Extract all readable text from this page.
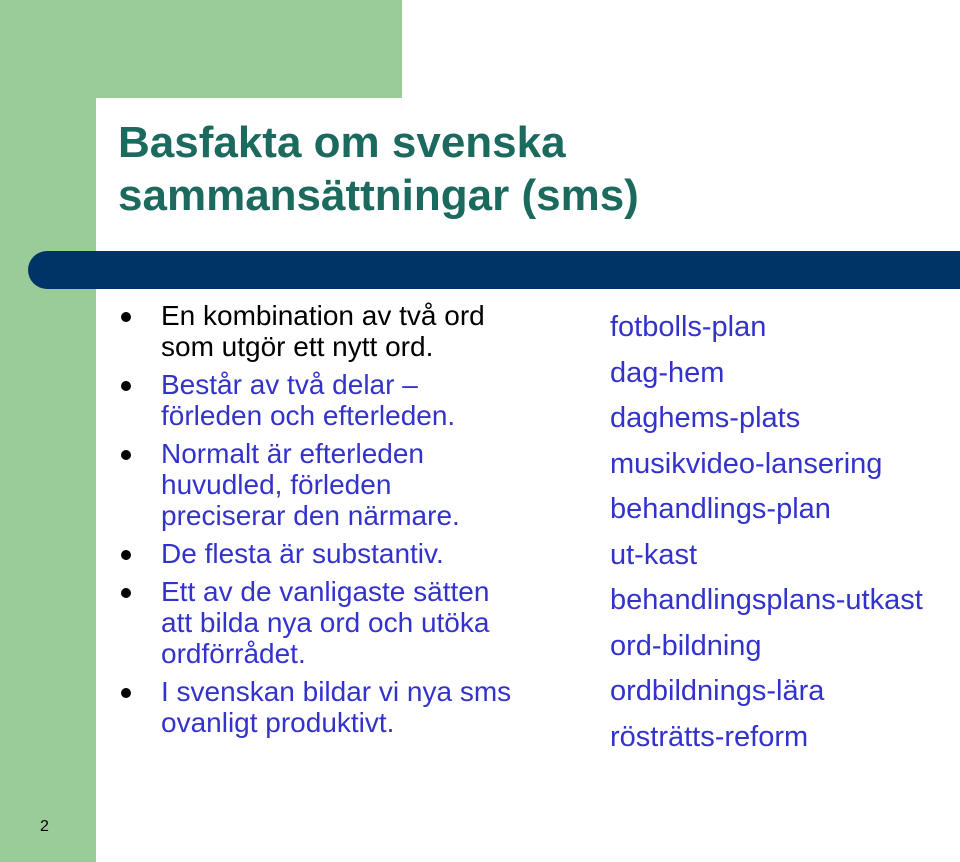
Basfakta om svenska
sammansättningar (sms)
En kombination av två ord
som utgör ett nytt ord.
Består av två delar –
förleden och efterleden.
Normalt är efterleden
huvudled, förleden
preciserar den närmare.
De flesta är substantiv.
Ett av de vanligaste sätten
att bilda nya ord och utöka
ordförrådet.
I svenskan bildar vi nya sms
ovanligt produktivt.
fotbolls-plan
dag-hem
daghems-plats
musikvideo-lansering
behandlings-plan
ut-kast
behandlingsplans-utkast
ord-bildning
ordbildnings-lära
rösträtts-reform
2
